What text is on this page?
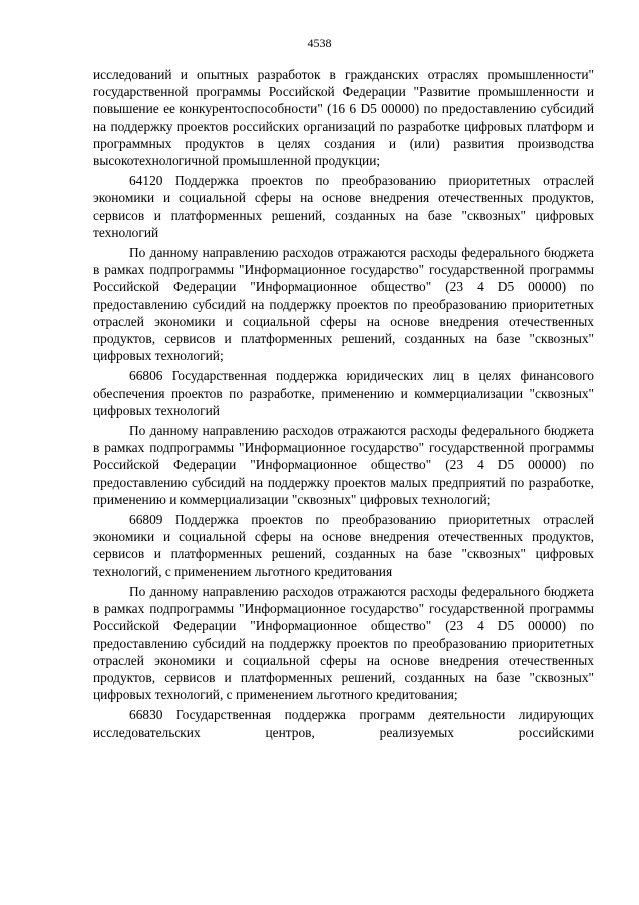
4538

исследований и опытных разработок в гражданских отраслях промышленности" государственной программы Российской Федерации "Развитие промышленности и повышение ее конкурентоспособности" (16 6 D5 00000) по предоставлению субсидий на поддержку проектов российских организаций по разработке цифровых платформ и программных продуктов в целях создания и (или) развития производства высокотехнологичной промышленной продукции;

64120 Поддержка проектов по преобразованию приоритетных отраслей экономики и социальной сферы на основе внедрения отечественных продуктов, сервисов и платформенных решений, созданных на базе "сквозных" цифровых технологий

По данному направлению расходов отражаются расходы федерального бюджета в рамках подпрограммы "Информационное государство" государственной программы Российской Федерации "Информационное общество" (23 4 D5 00000) по предоставлению субсидий на поддержку проектов по преобразованию приоритетных отраслей экономики и социальной сферы на основе внедрения отечественных продуктов, сервисов и платформенных решений, созданных на базе "сквозных" цифровых технологий;

66806 Государственная поддержка юридических лиц в целях финансового обеспечения проектов по разработке, применению и коммерциализации "сквозных" цифровых технологий

По данному направлению расходов отражаются расходы федерального бюджета в рамках подпрограммы "Информационное государство" государственной программы Российской Федерации "Информационное общество" (23 4 D5 00000) по предоставлению субсидий на поддержку проектов малых предприятий по разработке, применению и коммерциализации "сквозных" цифровых технологий;

66809 Поддержка проектов по преобразованию приоритетных отраслей экономики и социальной сферы на основе внедрения отечественных продуктов, сервисов и платформенных решений, созданных на базе "сквозных" цифровых технологий, с применением льготного кредитования

По данному направлению расходов отражаются расходы федерального бюджета в рамках подпрограммы "Информационное государство" государственной программы Российской Федерации "Информационное общество" (23 4 D5 00000) по предоставлению субсидий на поддержку проектов по преобразованию приоритетных отраслей экономики и социальной сферы на основе внедрения отечественных продуктов, сервисов и платформенных решений, созданных на базе "сквозных" цифровых технологий, с применением льготного кредитования;

66830 Государственная поддержка программ деятельности лидирующих исследовательских центров, реализуемых российскими
